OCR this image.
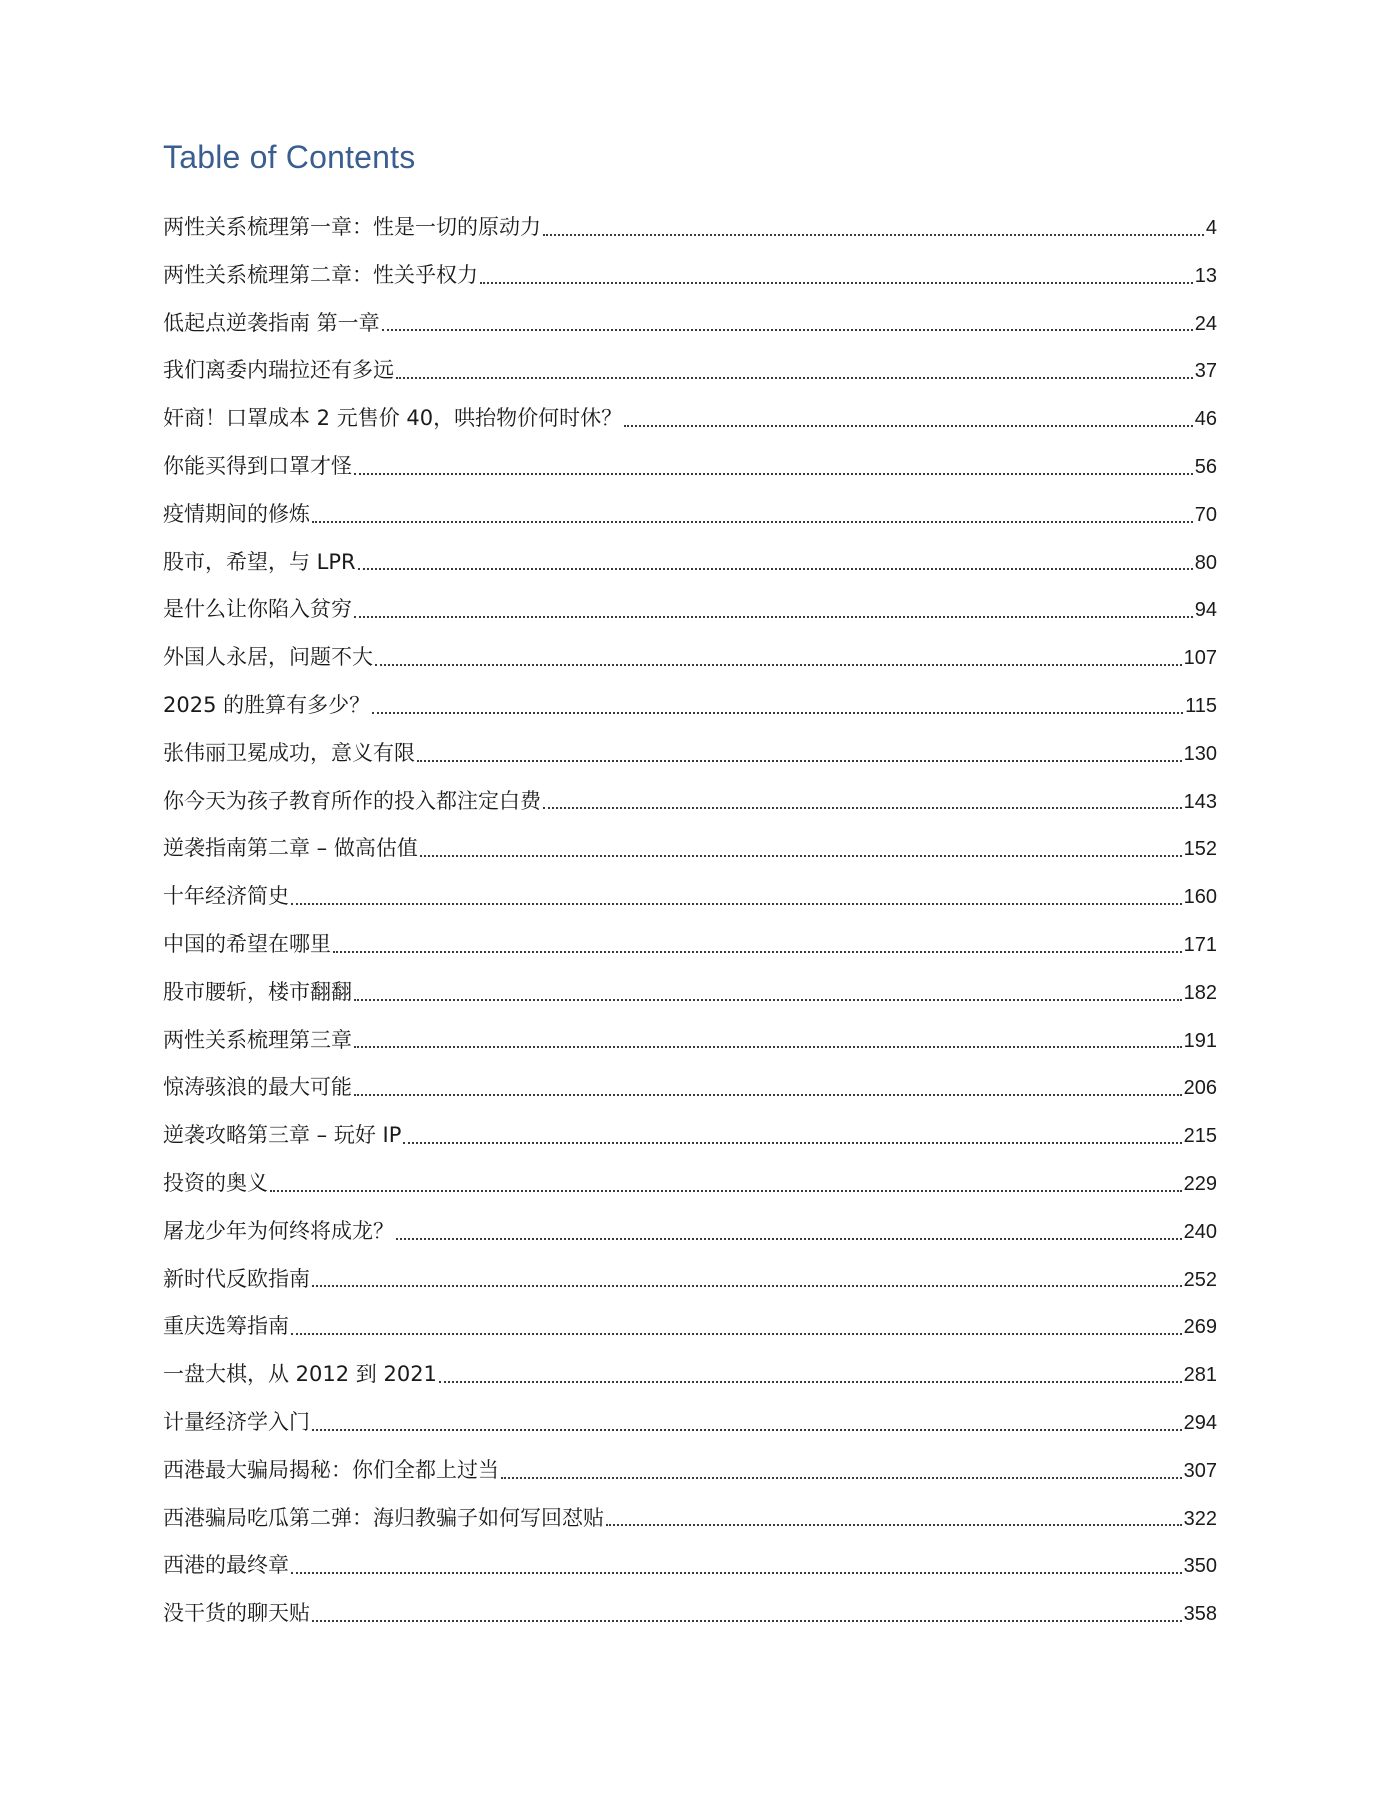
Table of Contents
两性关系梳理第一章：性是一切的原动力	4
两性关系梳理第二章：性关乎权力	13
低起点逆袭指南 第一章	24
我们离委内瑞拉还有多远	37
奸商！口罩成本 2 元售价 40，哄抬物价何时休？	46
你能买得到口罩才怪	56
疫情期间的修炼	70
股市，希望，与 LPR	80
是什么让你陷入贫穷	94
外国人永居，问题不大	107
2025 的胜算有多少？	115
张伟丽卫冕成功，意义有限	130
你今天为孩子教育所作的投入都注定白费	143
逆袭指南第二章 – 做高估值	152
十年经济简史	160
中国的希望在哪里	171
股市腰斩，楼市翻翻	182
两性关系梳理第三章	191
惊涛骇浪的最大可能	206
逆袭攻略第三章 – 玩好 IP	215
投资的奥义	229
屠龙少年为何终将成龙？	240
新时代反欧指南	252
重庆选筹指南	269
一盘大棋，从 2012 到 2021	281
计量经济学入门	294
西港最大骗局揭秘：你们全都上过当	307
西港骗局吃瓜第二弹：海归教骗子如何写回怼贴	322
西港的最终章	350
没干货的聊天贴	358
